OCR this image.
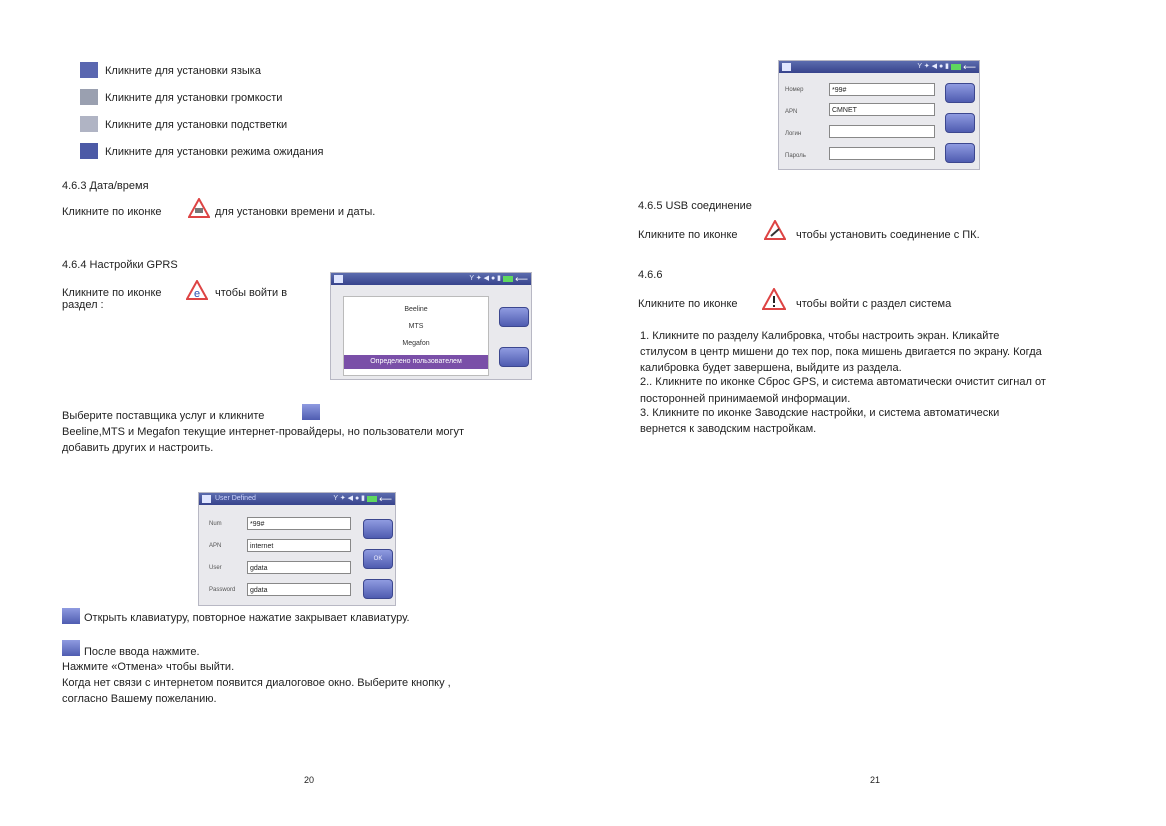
Кликните для установки языка
Кликните для установки громкости
Кликните для установки подстветки
Кликните для установки режима ожидания
4.6.3 Дата/время
Кликните по иконке	для установки времени и даты.
4.6.4 Настройки GPRS
Кликните по иконке	e чтобы войти в
раздел :
Y ✦ ◀ ● ▮ ⟵
Beeline
MTS
Megafon
Определено пользователем
Выберите поставщика услуг и кликните
Beeline,MTS и Megafon текущие интернет-провайдеры, но пользователи могут
добавить других и настроить.
User Defined	Y ✦ ◀ ● ▮ ⟵
Num	*99#
APN	internet
User	gdata
Password	gdata
OK
Открыть клавиатуру, повторное нажатие закрывает клавиатуру.
После ввода нажмите.
Нажмите «Отмена» чтобы выйти.
Когда нет связи с интернетом появится диалоговое окно. Выберите кнопку ,
согласно Вашему пожеланию.
20
Y ✦ ◀ ● ▮ ⟵
Номер	*99#
APN	CMNET
Логин
Пароль
4.6.5 USB соединение
Кликните по иконке	чтобы установить соединение с ПК.
4.6.6
Кликните по иконке	чтобы войти с раздел система
1. Кликните по разделу Калибровка, чтобы настроить экран. Кликайте
стилусом в центр мишени до тех пор, пока мишень двигается по экрану. Когда
калибровка будет завершена, выйдите из раздела.
2.. Кликните по иконке Сброс GPS, и система автоматически очистит сигнал от
посторонней принимаемой информации.
3. Кликните по иконке Заводские настройки, и система автоматически
вернется к заводским настройкам.
21
